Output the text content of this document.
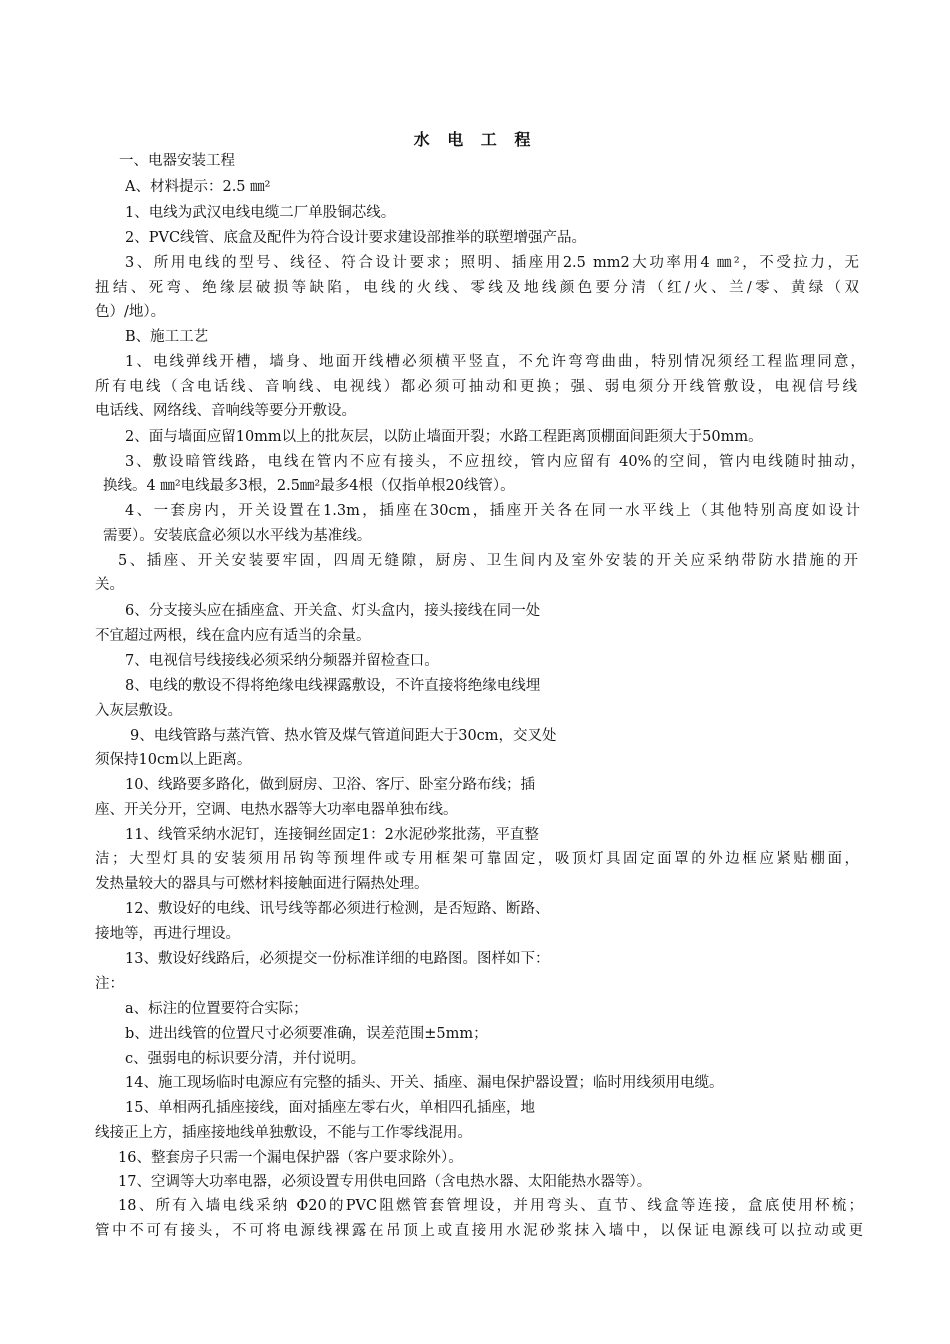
水 电 工 程
一、电器安装工程
A、材料提示：2.5 ㎜²
1、电线为武汉电线电缆二厂单股铜芯线。
2、PVC线管、底盒及配件为符合设计要求建设部推举的联塑增强产品。
3、所用电线的型号、线径、符合设计要求；照明、插座用2.5 mm2大功率用4 ㎜²，不受拉力，无
扭结、死弯、绝缘层破损等缺陷，电线的火线、零线及地线颜色要分清（红/火、兰/零、黄绿（双
色）/地）。
B、施工工艺
1、电线弹线开槽，墙身、地面开线槽必须横平竖直，不允许弯弯曲曲，特别情况须经工程监理同意，
所有电线（含电话线、音响线、电视线）都必须可抽动和更换；强、弱电须分开线管敷设，电视信号线
电话线、网络线、音响线等要分开敷设。
2、面与墙面应留10mm以上的批灰层，以防止墙面开裂；水路工程距离顶棚面间距须大于50mm。
3、敷设暗管线路，电线在管内不应有接头，不应扭绞，管内应留有 40%的空间，管内电线随时抽动，
换线。4 ㎜²电线最多3根，2.5㎜²最多4根（仅指单根20线管）。
4、一套房内，开关设置在1.3m，插座在30cm，插座开关各在同一水平线上（其他特别高度如设计
需要）。安装底盒必须以水平线为基准线。
5、插座、开关安装要牢固，四周无缝隙，厨房、卫生间内及室外安装的开关应采纳带防水措施的开
关。
6、分支接头应在插座盒、开关盒、灯头盒内，接头接线在同一处
不宜超过两根，线在盒内应有适当的余量。
7、电视信号线接线必须采纳分频器并留检查口。
8、电线的敷设不得将绝缘电线裸露敷设，不许直接将绝缘电线埋
入灰层敷设。
9、电线管路与蒸汽管、热水管及煤气管道间距大于30cm，交叉处
须保持10cm以上距离。
10、线路要多路化，做到厨房、卫浴、客厅、卧室分路布线；插
座、开关分开，空调、电热水器等大功率电器单独布线。
11、线管采纳水泥钉，连接铜丝固定1：2水泥砂浆批荡，平直整
洁；大型灯具的安装须用吊钩等预埋件或专用框架可靠固定，吸顶灯具固定面罩的外边框应紧贴棚面，
发热量较大的器具与可燃材料接触面进行隔热处理。
12、敷设好的电线、讯号线等都必须进行检测，是否短路、断路、
接地等，再进行埋设。
13、敷设好线路后，必须提交一份标准详细的电路图。图样如下：
注：
a、标注的位置要符合实际；
b、进出线管的位置尺寸必须要准确，误差范围±5mm；
c、强弱电的标识要分清，并付说明。
14、施工现场临时电源应有完整的插头、开关、插座、漏电保护器设置；临时用线须用电缆。
15、单相两孔插座接线，面对插座左零右火，单相四孔插座，地
线接正上方，插座接地线单独敷设，不能与工作零线混用。
16、整套房子只需一个漏电保护器（客户要求除外）。
17、空调等大功率电器，必须设置专用供电回路（含电热水器、太阳能热水器等）。
18、所有入墙电线采纳 Φ20的PVC阻燃管套管埋设，并用弯头、直节、线盒等连接，盒底使用杯梳；
管中不可有接头，不可将电源线裸露在吊顶上或直接用水泥砂浆抹入墙中，以保证电源线可以拉动或更
